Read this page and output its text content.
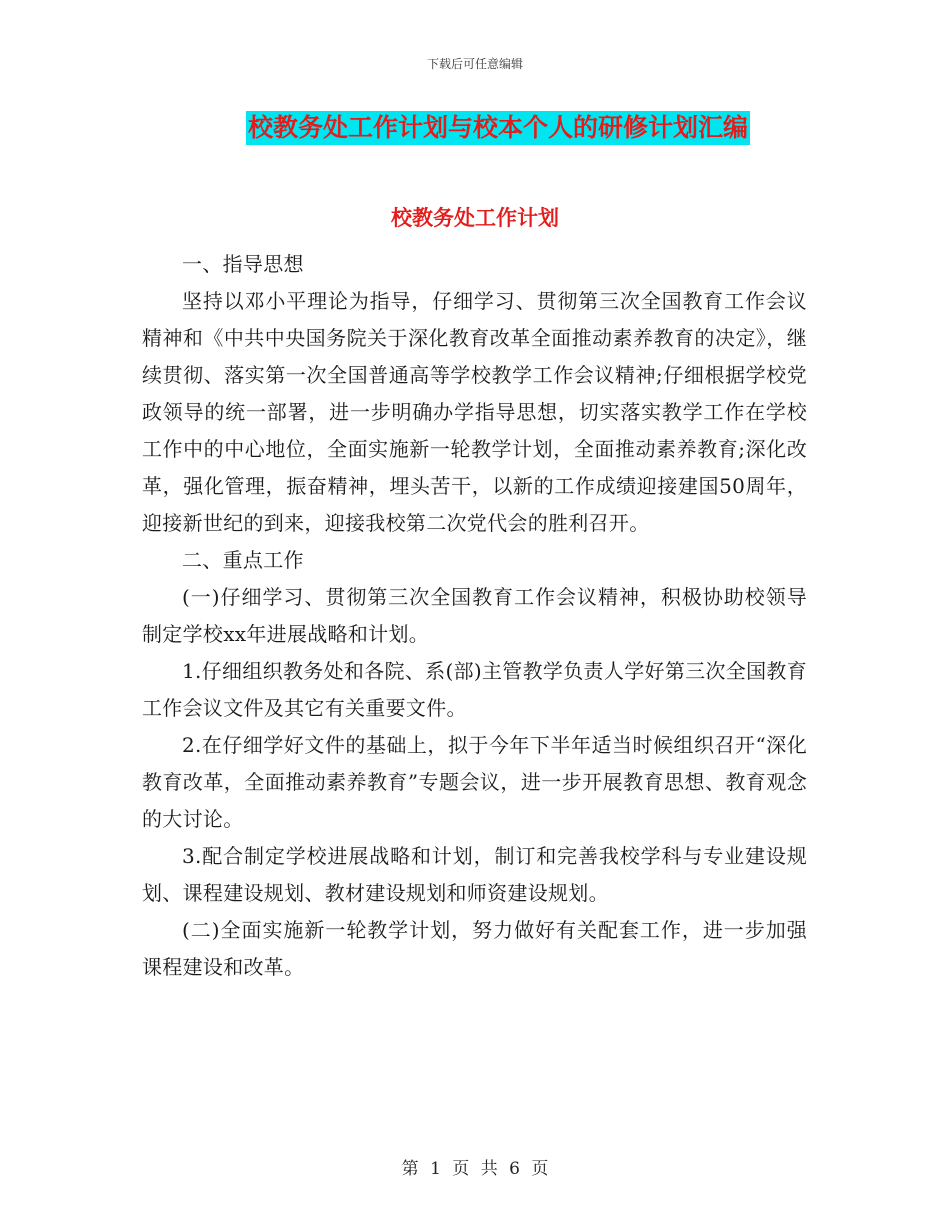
下载后可任意编辑
校教务处工作计划与校本个人的研修计划汇编
校教务处工作计划

一、指导思想

坚持以邓小平理论为指导，仔细学习、贯彻第三次全国教育工作会议精神和《中共中央国务院关于深化教育改革全面推动素养教育的决定》，继续贯彻、落实第一次全国普通高等学校教学工作会议精神;仔细根据学校党政领导的统一部署，进一步明确办学指导思想，切实落实教学工作在学校工作中的中心地位，全面实施新一轮教学计划，全面推动素养教育;深化改革，强化管理，振奋精神，埋头苦干，以新的工作成绩迎接建国50周年，迎接新世纪的到来，迎接我校第二次党代会的胜利召开。

二、重点工作

(一)仔细学习、贯彻第三次全国教育工作会议精神，积极协助校领导制定学校xx年进展战略和计划。

1.仔细组织教务处和各院、系(部)主管教学负责人学好第三次全国教育工作会议文件及其它有关重要文件。

2.在仔细学好文件的基础上，拟于今年下半年适当时候组织召开“深化教育改革，全面推动素养教育”专题会议，进一步开展教育思想、教育观念的大讨论。

3.配合制定学校进展战略和计划，制订和完善我校学科与专业建设规划、课程建设规划、教材建设规划和师资建设规划。

(二)全面实施新一轮教学计划，努力做好有关配套工作，进一步加强课程建设和改革。

第 1 页 共 6 页
